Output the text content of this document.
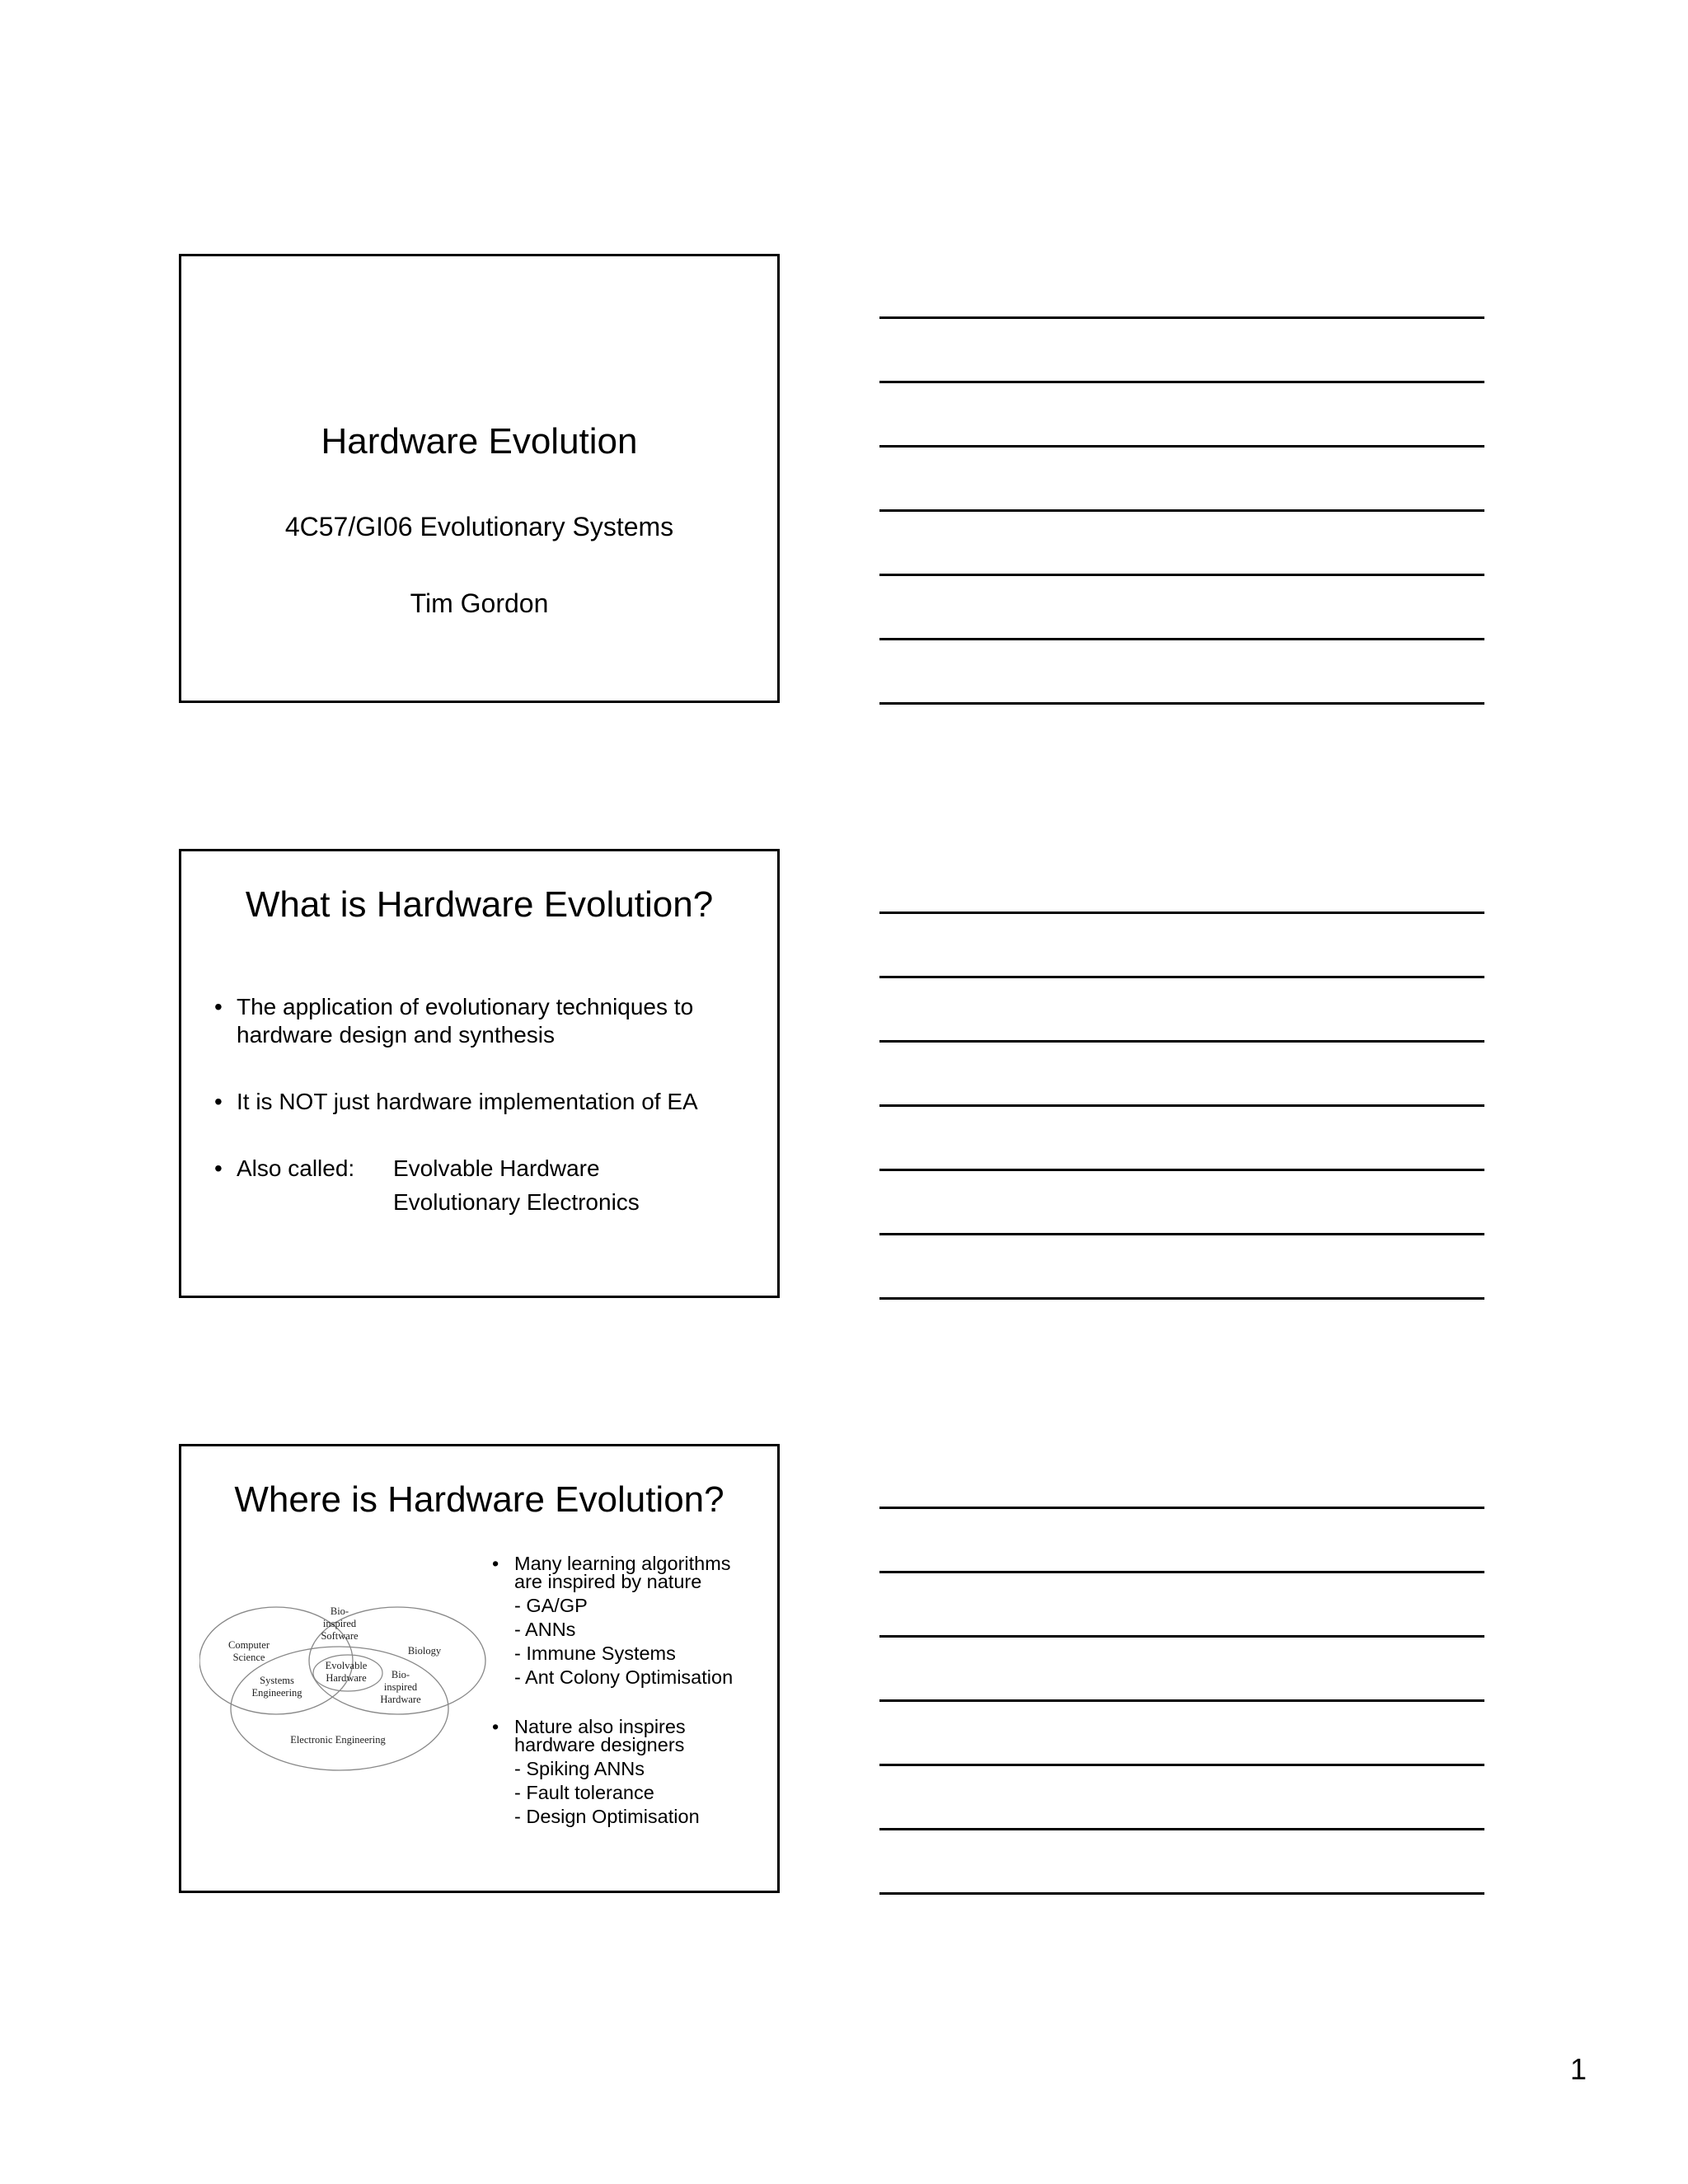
Hardware Evolution
4C57/GI06 Evolutionary Systems
Tim Gordon
What is Hardware Evolution?
• The application of evolutionary techniques to
hardware design and synthesis
• It is NOT just hardware implementation of EA
• Also called:	Evolvable Hardware
Evolutionary Electronics
Where is Hardware Evolution?
Computer
Science
Bio-
inspired
Software
Biology
Systems
Engineering
Evolvable
Hardware Bio-
inspired
Hardware
Electronic Engineering
• Many learning algorithms
are inspired by nature
- GA/GP
- ANNs
- Immune Systems
- Ant Colony Optimisation
• Nature also inspires
hardware designers
- Spiking ANNs
- Fault tolerance
- Design Optimisation
1
